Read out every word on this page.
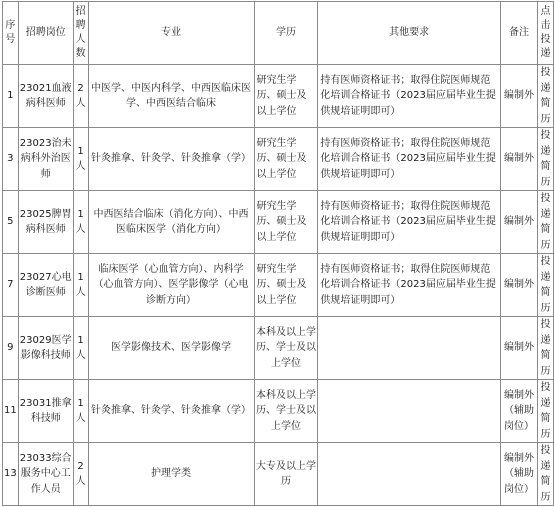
序号	招聘岗位	招聘人数	专业	学历	其他要求	备注	点击投递
1	23021血液病科医师	2人	中医学、中医内科学、中西医临床医学、中西医结合临床	研究生学历、硕士及以上学位	持有医师资格证书；取得住院医师规范化培训合格证书（2023届应届毕业生提供规培证明即可）	编制外	投递简历
3	23023治未病科外治医师	1人	针灸推拿、针灸学、针灸推拿（学）	研究生学历、硕士及以上学位	持有医师资格证书；取得住院医师规范化培训合格证书（2023届应届毕业生提供规培证明即可）	编制外	投递简历
5	23025脾胃病科医师	1人	中西医结合临床（消化方向）、中西医临床医学（消化方向）	研究生学历、硕士及以上学位	持有医师资格证书；取得住院医师规范化培训合格证书（2023届应届毕业生提供规培证明即可）	编制外	投递简历
7	23027心电诊断医师	1人	临床医学（心血管方向）、内科学（心血管方向）、医学影像学（心电诊断方向）	研究生学历、硕士及以上学位	持有医师资格证书；取得住院医师规范化培训合格证书（2023届应届毕业生提供规培证明即可）	编制外	投递简历
9	23029医学影像科技师	1人	医学影像技术、医学影像学	本科及以上学历、学士及以上学位		编制外	投递简历
11	23031推拿科技师	1人	针灸推拿、针灸学、针灸推拿（学）	本科及以上学历、学士及以上学位		编制外（辅助岗位）	投递简历
13	23033综合服务中心工作人员	2人	护理学类	大专及以上学历		编制外（辅助岗位）	投递简历
